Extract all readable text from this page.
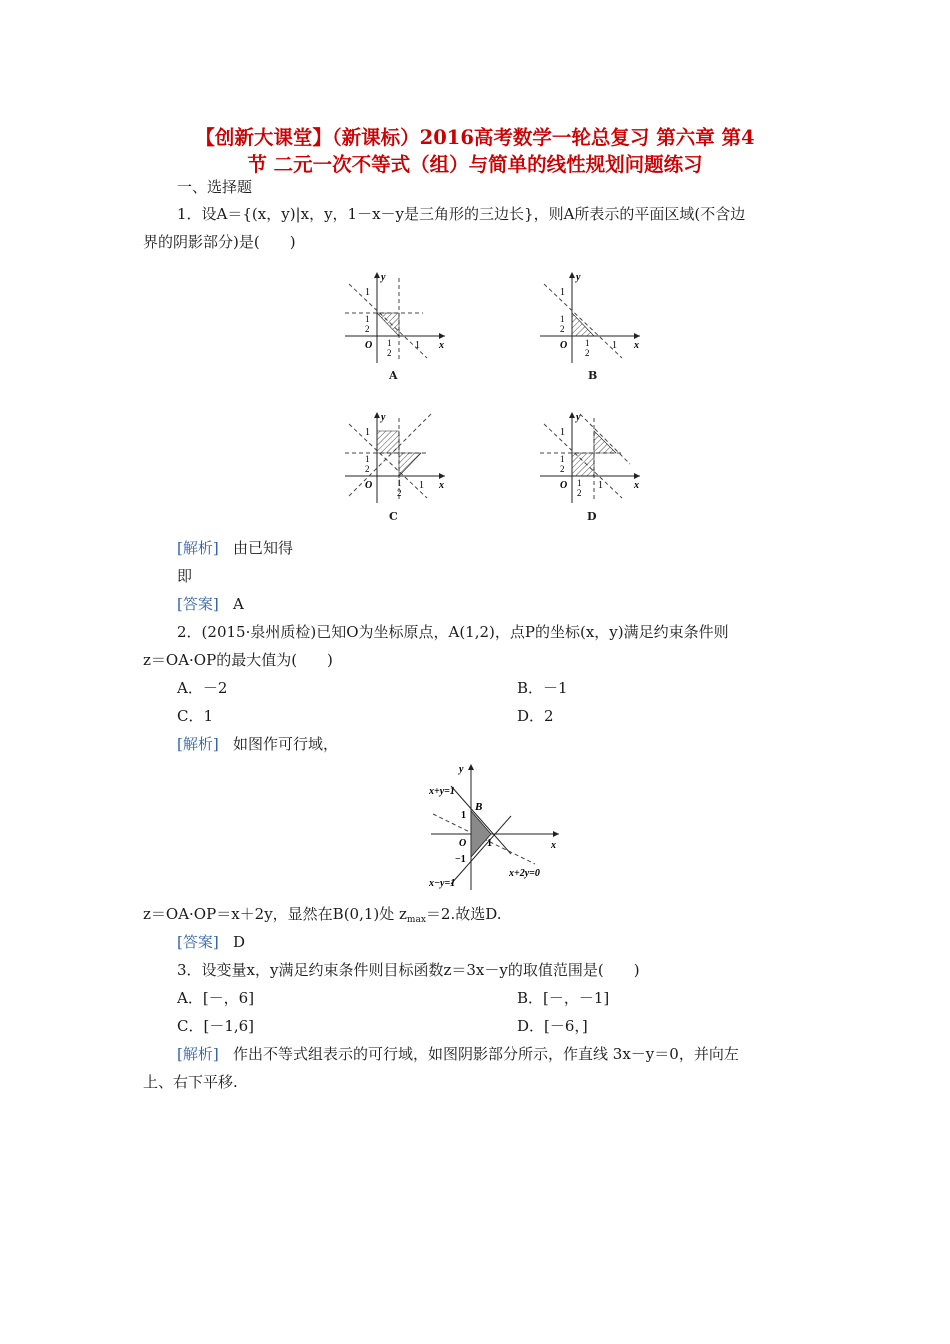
【创新大课堂】（新课标）2016高考数学一轮总复习 第六章 第4
节 二元一次不等式（组）与简单的线性规划问题练习
一、选择题
1．设A＝{(x，y)|x，y，1－x－y是三角形的三边长}，则A所表示的平面区域(不含边
界的阴影部分)是(　　)
1
1
2
O 1
2
1 x
y
A
1
1
2
O 1
2
1 x
y
B
1
1
2
O	1
2
1 x
y
C
1
1
2
O 1
2
1	x
y
D
[解析] 由已知得
即
[答案] A
2．(2015·泉州质检)已知O为坐标原点，A(1,2)，点P的坐标(x，y)满足约束条件则
z＝OA·OP的最大值为(　　)
A．－2	B．－1
C．1	D．2
[解析] 如图作可行域，
x+y=1
B
1
O 1
−1
x+2y=0
x−y=1
x
y
z＝OA·OP＝x＋2y，显然在B(0,1)处 $z_{max}=2$.故选D.
[答案] D
3．设变量x，y满足约束条件则目标函数z＝3x－y的取值范围是(　　)
A．[－，6]	B．[－，－1]
C．[－1,6]	D．[－6，]
[解析] 作出不等式组表示的可行域，如图阴影部分所示，作直线 3x－y＝0，并向左
上、右下平移.
